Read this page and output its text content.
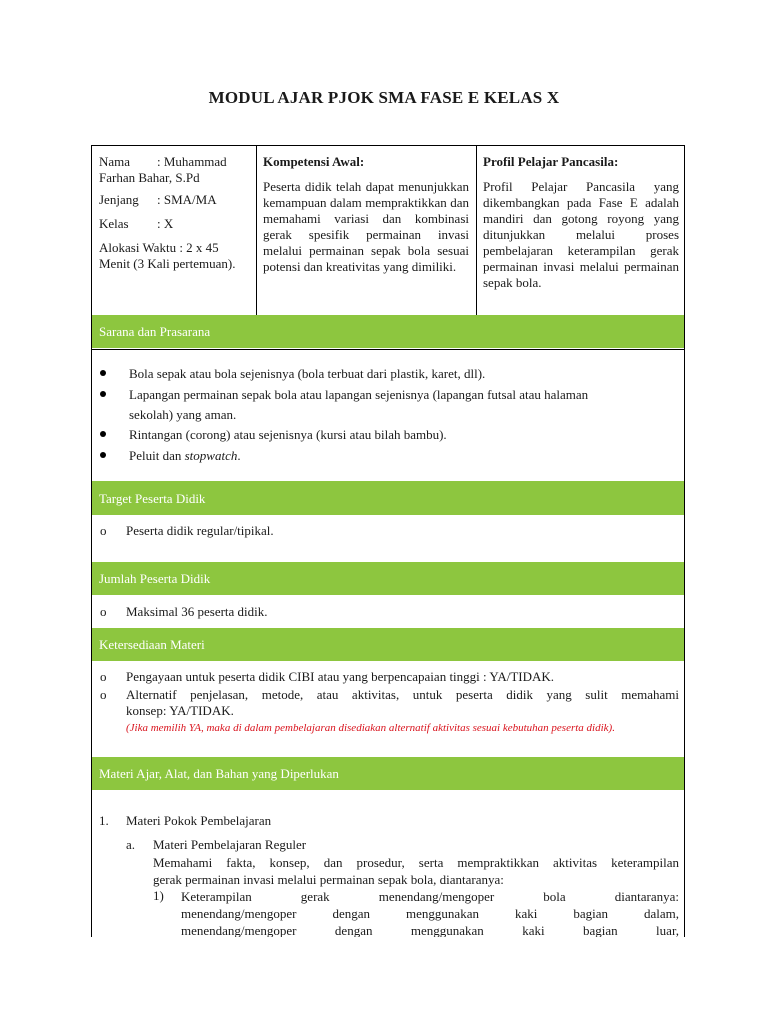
MODUL AJAR PJOK SMA FASE E KELAS X
Nama : Muhammad Farhan Bahar, S.Pd
Jenjang : SMA/MA
Kelas : X
Alokasi Waktu : 2 x 45 Menit (3 Kali pertemuan).
Kompetensi Awal:
Peserta didik telah dapat menunjukkan kemampuan dalam mempraktikkan dan memahami variasi dan kombinasi gerak spesifik permainan invasi melalui permainan sepak bola sesuai potensi dan kreativitas yang dimiliki.
Profil Pelajar Pancasila:
Profil Pelajar Pancasila yang dikembangkan pada Fase E adalah mandiri dan gotong royong yang ditunjukkan melalui proses pembelajaran keterampilan gerak permainan invasi melalui permainan sepak bola.
Sarana dan Prasarana
Bola sepak atau bola sejenisnya (bola terbuat dari plastik, karet, dll).
Lapangan permainan sepak bola atau lapangan sejenisnya (lapangan futsal atau halaman
sekolah) yang aman.
Rintangan (corong) atau sejenisnya (kursi atau bilah bambu).
Peluit dan stopwatch.
Target Peserta Didik
o Peserta didik regular/tipikal.
Jumlah Peserta Didik
o Maksimal 36 peserta didik.
Ketersediaan Materi
o Pengayaan untuk peserta didik CIBI atau yang berpencapaian tinggi : YA/TIDAK.
o Alternatif penjelasan, metode, atau aktivitas, untuk peserta didik yang sulit memahami
konsep: YA/TIDAK.
(Jika memilih YA, maka di dalam pembelajaran disediakan alternatif aktivitas sesuai kebutuhan peserta didik).
Materi Ajar, Alat, dan Bahan yang Diperlukan
1. Materi Pokok Pembelajaran
a. Materi Pembelajaran Reguler
Memahami fakta, konsep, dan prosedur, serta mempraktikkan aktivitas keterampilan
gerak permainan invasi melalui permainan sepak bola, diantaranya:
1) Keterampilan gerak menendang/mengoper bola diantaranya:
menendang/mengoper dengan menggunakan kaki bagian dalam,
menendang/mengoper dengan menggunakan kaki bagian luar,
